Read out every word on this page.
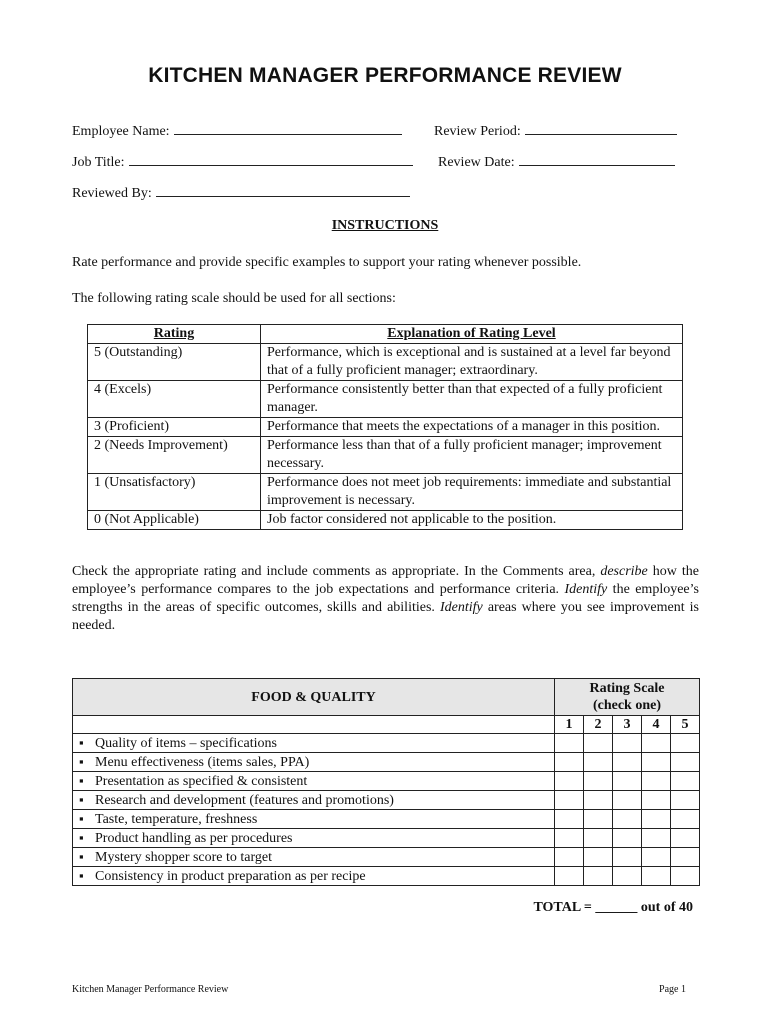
KITCHEN MANAGER PERFORMANCE REVIEW
Employee Name:	Review Period:
Job Title:	Review Date:
Reviewed By:
INSTRUCTIONS
Rate performance and provide specific examples to support your rating whenever possible.
The following rating scale should be used for all sections:
Rating	Explanation of Rating Level
5 (Outstanding)	Performance, which is exceptional and is sustained at a level far beyond that of a fully proficient manager; extraordinary.
4 (Excels)	Performance consistently better than that expected of a fully proficient manager.
3 (Proficient)	Performance that meets the expectations of a manager in this position.
2 (Needs Improvement)	Performance less than that of a fully proficient manager; improvement necessary.
1 (Unsatisfactory)	Performance does not meet job requirements: immediate and substantial improvement is necessary.
0 (Not Applicable)	Job factor considered not applicable to the position.
Check the appropriate rating and include comments as appropriate. In the Comments area, describe how the employee’s performance compares to the job expectations and performance criteria. Identify the employee’s strengths in the areas of specific outcomes, skills and abilities. Identify areas where you see improvement is needed.
FOOD & QUALITY	Rating Scale
(check one)				

	1	2	3	4	5
▪ Quality of items – specifications					
▪ Menu effectiveness (items sales, PPA)					
▪ Presentation as specified & consistent					
▪ Research and development (features and promotions)					
▪ Taste, temperature, freshness					
▪ Product handling as per procedures					
▪ Mystery shopper score to target					
▪ Consistency in product preparation as per recipe					
TOTAL = ______ out of 40
Kitchen Manager Performance Review	Page 1
